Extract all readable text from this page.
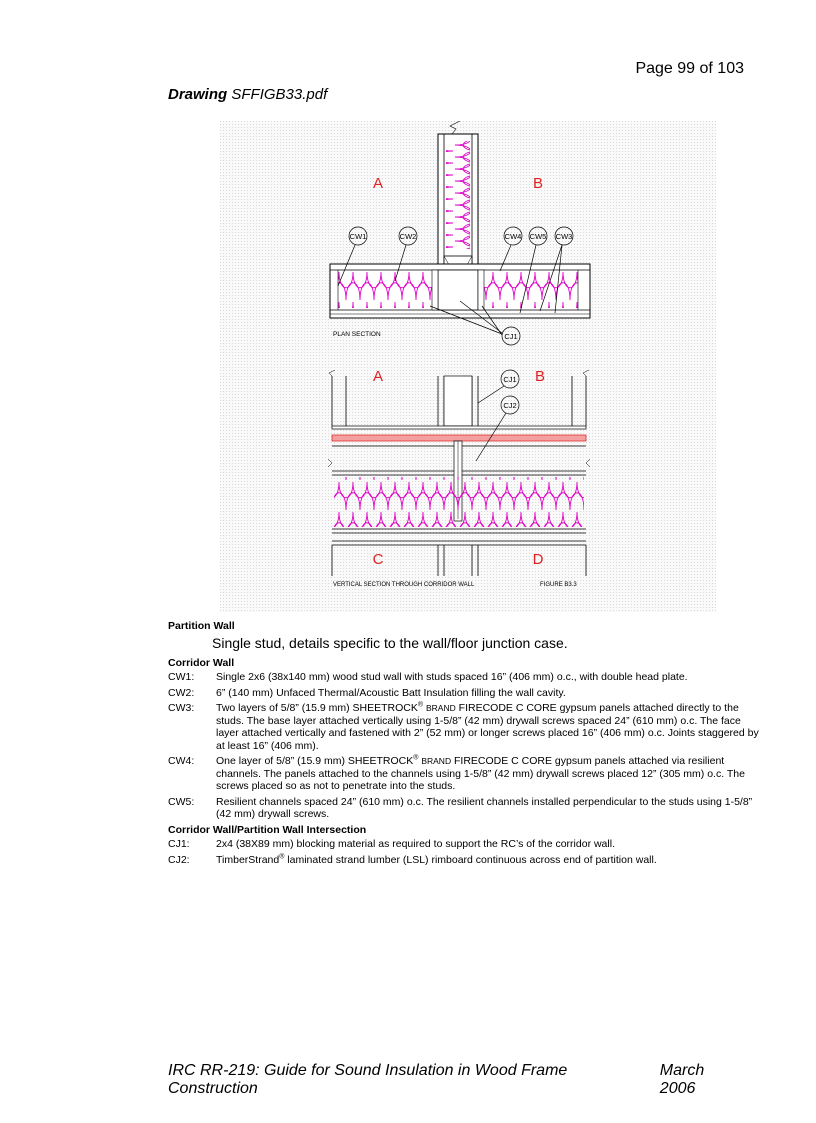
Page 99 of 103
Drawing SFFIGB33.pdf
CW1	CW2	CW4 CW5 CW3
CJ1
A	B
PLAN SECTION
CJ1
CJ2
A	B
C	D
VERTICAL SECTION THROUGH CORRIDOR WALL	FIGURE B3.3
Partition Wall
Single stud, details specific to the wall/floor junction case.
Corridor Wall
CW1:	Single 2x6 (38x140 mm) wood stud wall with studs spaced 16” (406 mm) o.c., with double head plate.
CW2:	6” (140 mm) Unfaced Thermal/Acoustic Batt Insulation filling the wall cavity.
CW3:	Two layers of 5/8” (15.9 mm) SHEETROCK® BRAND FIRECODE C CORE gypsum panels attached directly to the studs. The base layer attached vertically using 1-5/8” (42 mm) drywall screws spaced 24” (610 mm) o.c. The face layer attached vertically and fastened with 2” (52 mm) or longer screws placed 16” (406 mm) o.c. Joints staggered by at least 16” (406 mm).
CW4:	One layer of 5/8” (15.9 mm) SHEETROCK® BRAND FIRECODE C CORE gypsum panels attached via resilient channels. The panels attached to the channels using 1-5/8” (42 mm) drywall screws placed 12” (305 mm) o.c. The screws placed so as not to penetrate into the studs.
CW5:	Resilient channels spaced 24” (610 mm) o.c. The resilient channels installed perpendicular to the studs using 1-5/8” (42 mm) drywall screws.
Corridor Wall/Partition Wall Intersection
CJ1:	2x4 (38X89 mm) blocking material as required to support the RC’s of the corridor wall.
CJ2:	TimberStrand® laminated strand lumber (LSL) rimboard continuous across end of partition wall.
IRC RR-219: Guide for Sound Insulation in Wood Frame Construction
March 2006
